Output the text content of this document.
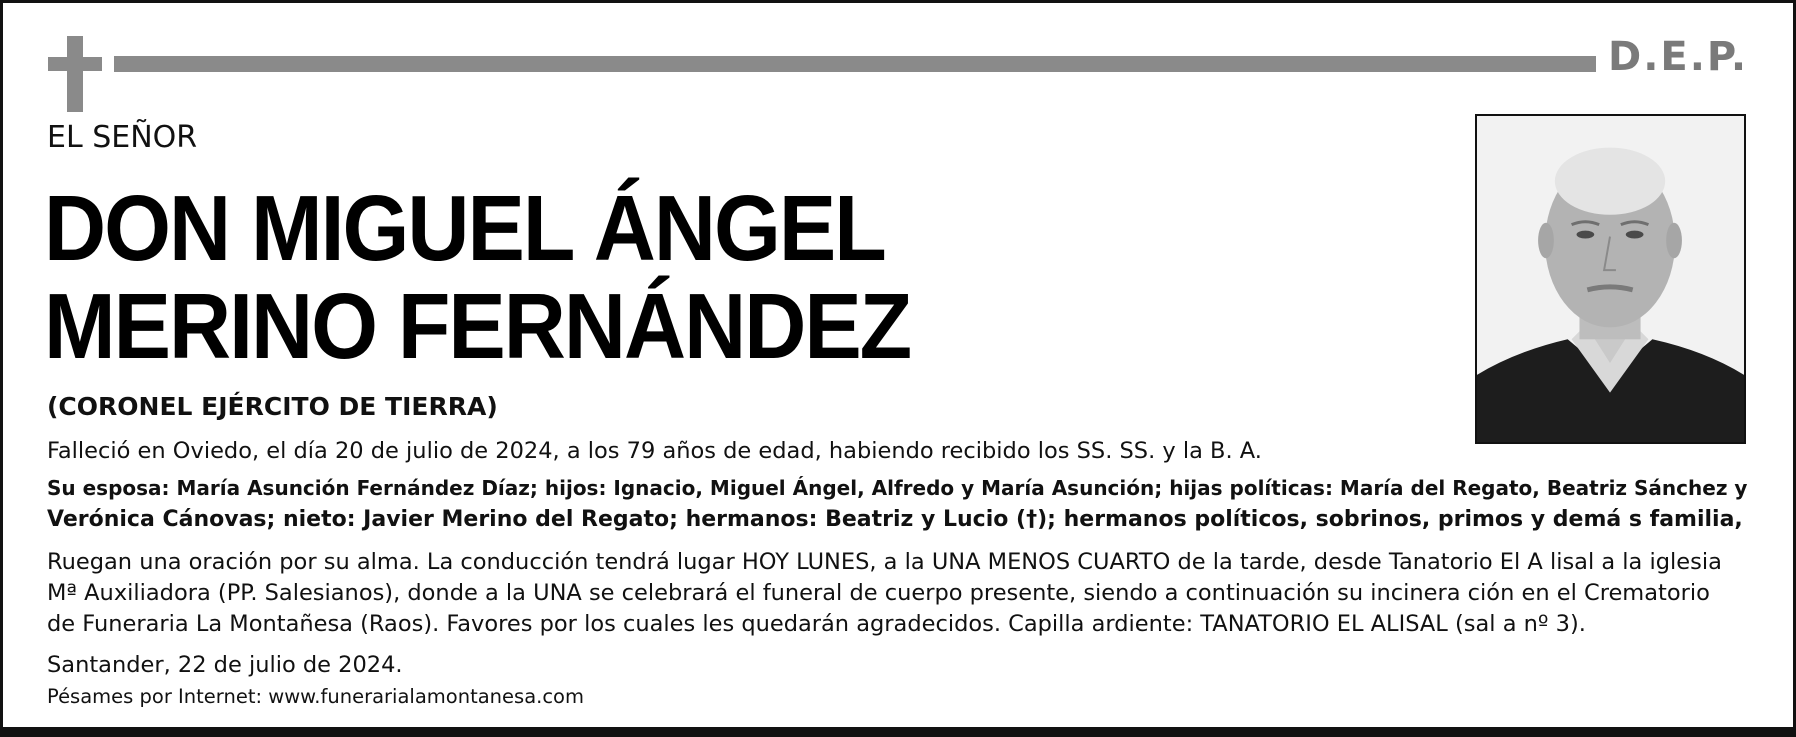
D.E.P.
EL SEÑOR
DON MIGUEL ÁNGEL
MERINO FERNÁNDEZ
(CORONEL EJÉRCITO DE TIERRA)
Falleció en Oviedo, el día 20 de julio de 2024, a los 79 años de edad, habiendo recibido los SS. SS. y la B. A.
Su esposa: María Asunción Fernández Díaz; hijos: Ignacio, Miguel Ángel, Alfredo y María Asunción; hijas políticas: María del Regato, Beatriz Sánchez y
Verónica Cánovas; nieto: Javier Merino del Regato; hermanos: Beatriz y Lucio (†); hermanos políticos, sobrinos, primos y demá s familia,
Ruegan una oración por su alma. La conducción tendrá lugar HOY LUNES, a la UNA MENOS CUARTO de la tarde, desde Tanatorio El A lisal a la iglesia
Mª Auxiliadora (PP. Salesianos), donde a la UNA se celebrará el funeral de cuerpo presente, siendo a continuación su incinera ción en el Crematorio
de Funeraria La Montañesa (Raos). Favores por los cuales les quedarán agradecidos. Capilla ardiente: TANATORIO EL ALISAL (sal a nº 3).
Santander, 22 de julio de 2024.
Pésames por Internet: www.funerarialamontanesa.com
